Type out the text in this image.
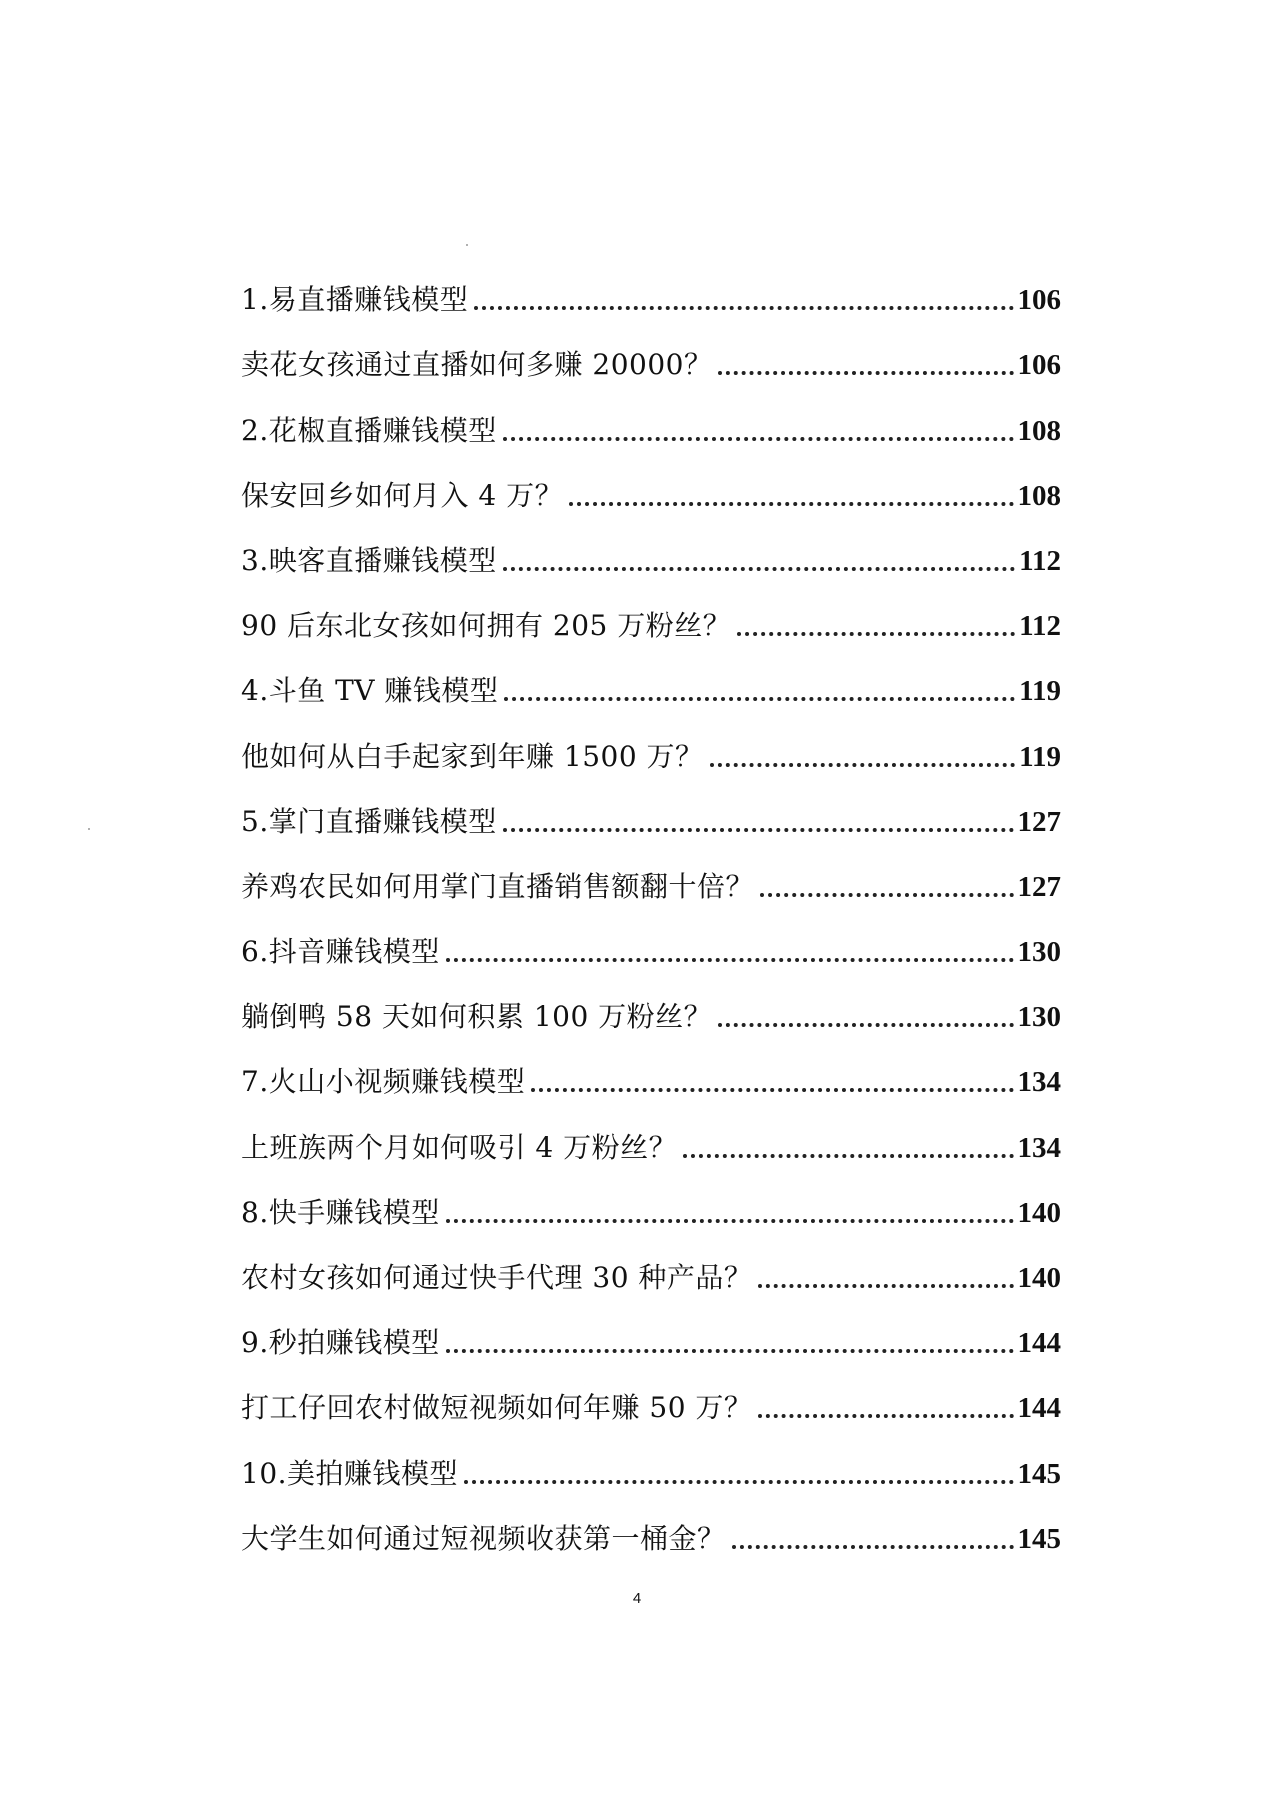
1.易直播赚钱模型	106
卖花女孩通过直播如何多赚 20000？	106
2.花椒直播赚钱模型	108
保安回乡如何月入 4 万？	108
3.映客直播赚钱模型	112
90 后东北女孩如何拥有 205 万粉丝？	112
4.斗鱼 TV 赚钱模型	119
他如何从白手起家到年赚 1500 万？	119
5.掌门直播赚钱模型	127
养鸡农民如何用掌门直播销售额翻十倍？	127
6.抖音赚钱模型	130
躺倒鸭 58 天如何积累 100 万粉丝？	130
7.火山小视频赚钱模型	134
上班族两个月如何吸引 4 万粉丝？	134
8.快手赚钱模型	140
农村女孩如何通过快手代理 30 种产品？	140
9.秒拍赚钱模型	144
打工仔回农村做短视频如何年赚 50 万？	144
10.美拍赚钱模型	145
大学生如何通过短视频收获第一桶金？	145
4
